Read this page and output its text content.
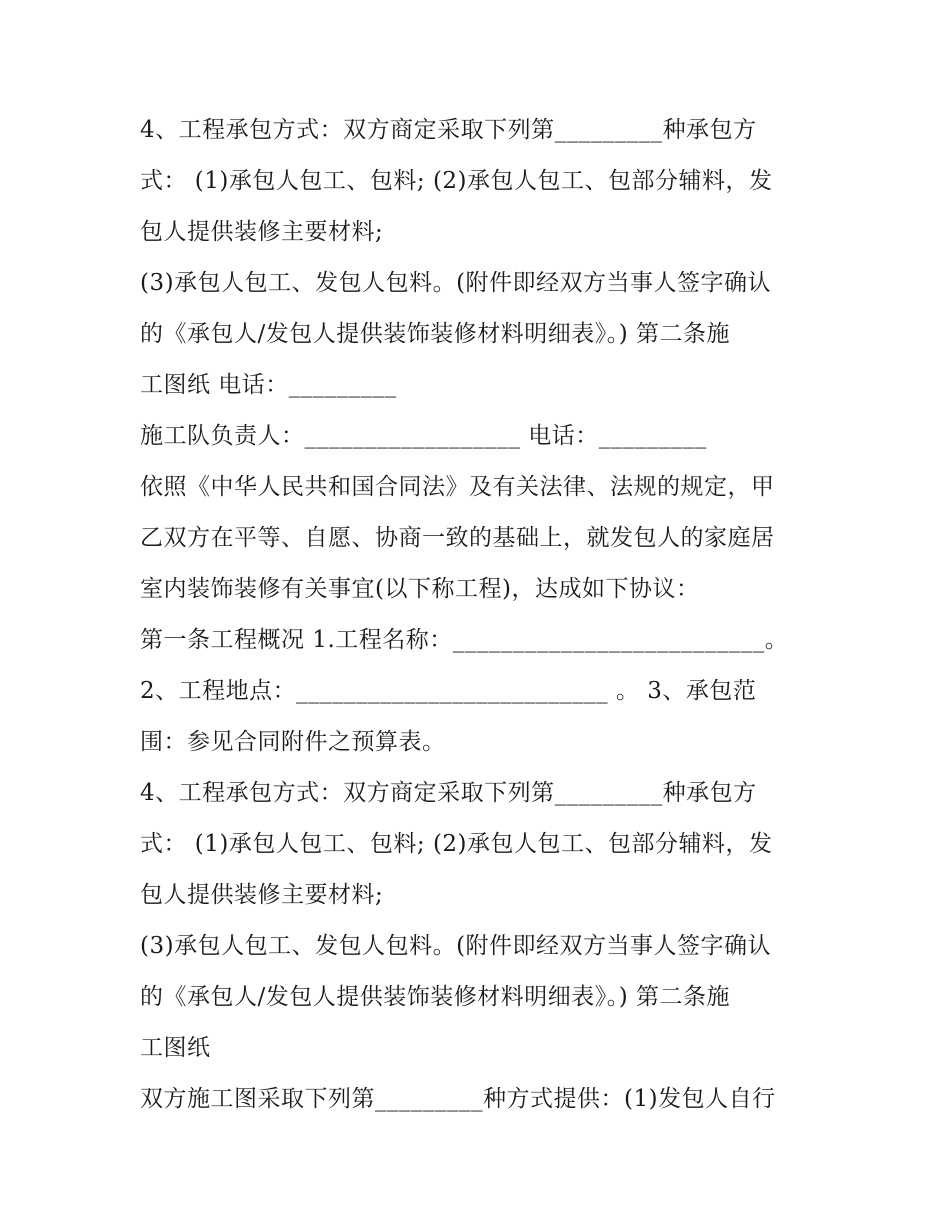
4、工程承包方式：双方商定采取下列第_________种承包方
式： (1)承包人包工、包料; (2)承包人包工、包部分辅料，发
包人提供装修主要材料;
(3)承包人包工、发包人包料。(附件即经双方当事人签字确认
的《承包人/发包人提供装饰装修材料明细表》。) 第二条施
工图纸 电话：_________
施工队负责人：__________________ 电话：_________
依照《中华人民共和国合同法》及有关法律、法规的规定，甲
乙双方在平等、自愿、协商一致的基础上，就发包人的家庭居
室内装饰装修有关事宜(以下称工程)，达成如下协议：
第一条工程概况 1.工程名称：__________________________。
2、工程地点：__________________________ 。 3、承包范
围：参见合同附件之预算表。
4、工程承包方式：双方商定采取下列第_________种承包方
式： (1)承包人包工、包料; (2)承包人包工、包部分辅料，发
包人提供装修主要材料;
(3)承包人包工、发包人包料。(附件即经双方当事人签字确认
的《承包人/发包人提供装饰装修材料明细表》。) 第二条施
工图纸
双方施工图采取下列第_________种方式提供：(1)发包人自行
